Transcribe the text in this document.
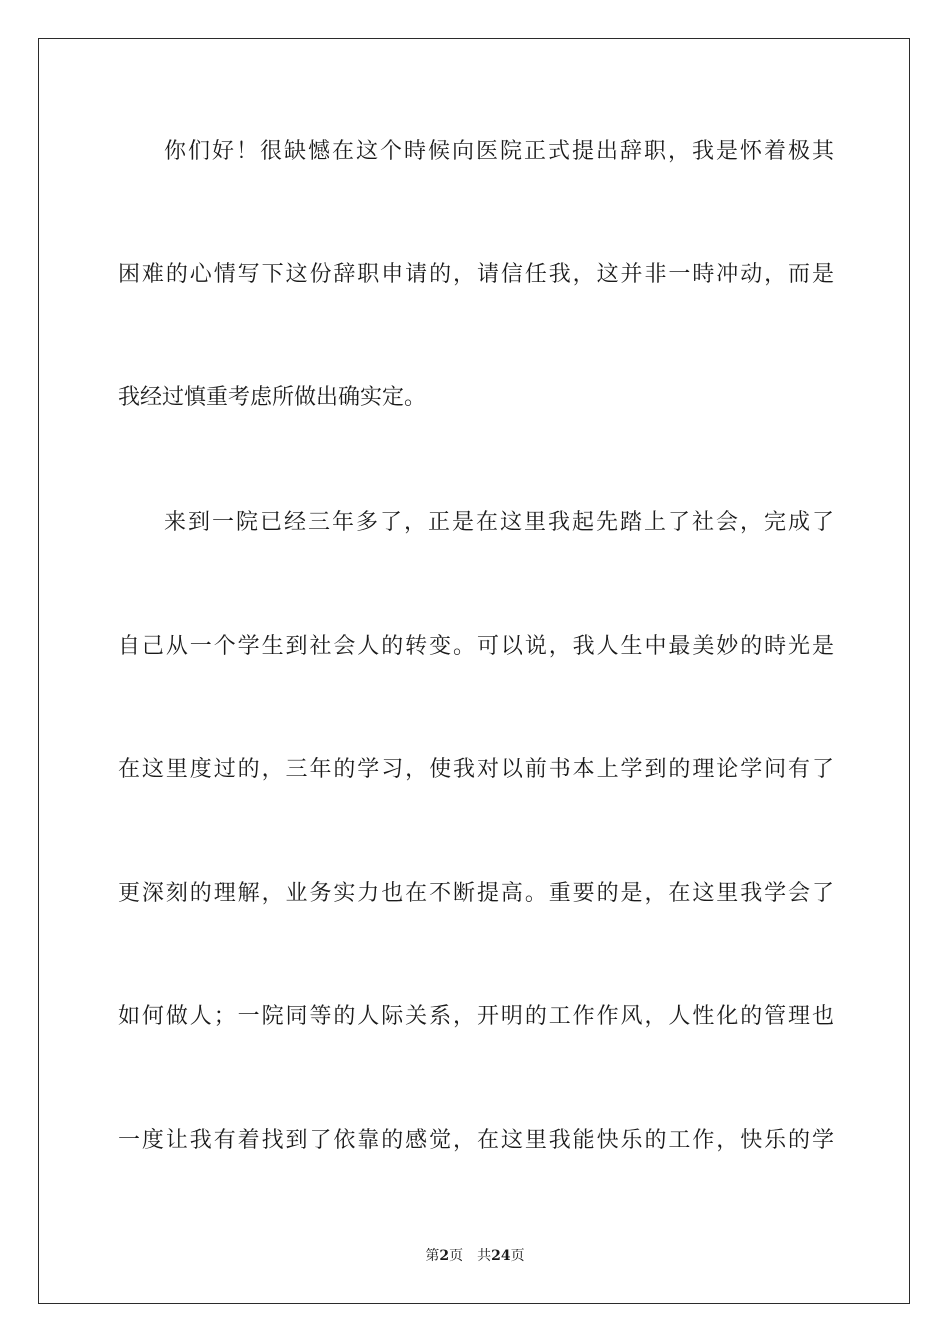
你们好！很缺憾在这个時候向医院正式提出辞职，我是怀着极其
困难的心情写下这份辞职申请的，请信任我，这并非一時冲动，而是
我经过慎重考虑所做出确实定。
来到一院已经三年多了，正是在这里我起先踏上了社会，完成了
自己从一个学生到社会人的转变。可以说，我人生中最美妙的時光是
在这里度过的，三年的学习，使我对以前书本上学到的理论学问有了
更深刻的理解，业务实力也在不断提高。重要的是，在这里我学会了
如何做人；一院同等的人际关系，开明的工作作风，人性化的管理也
一度让我有着找到了依靠的感觉，在这里我能快乐的工作，快乐的学
第2页 共24页
